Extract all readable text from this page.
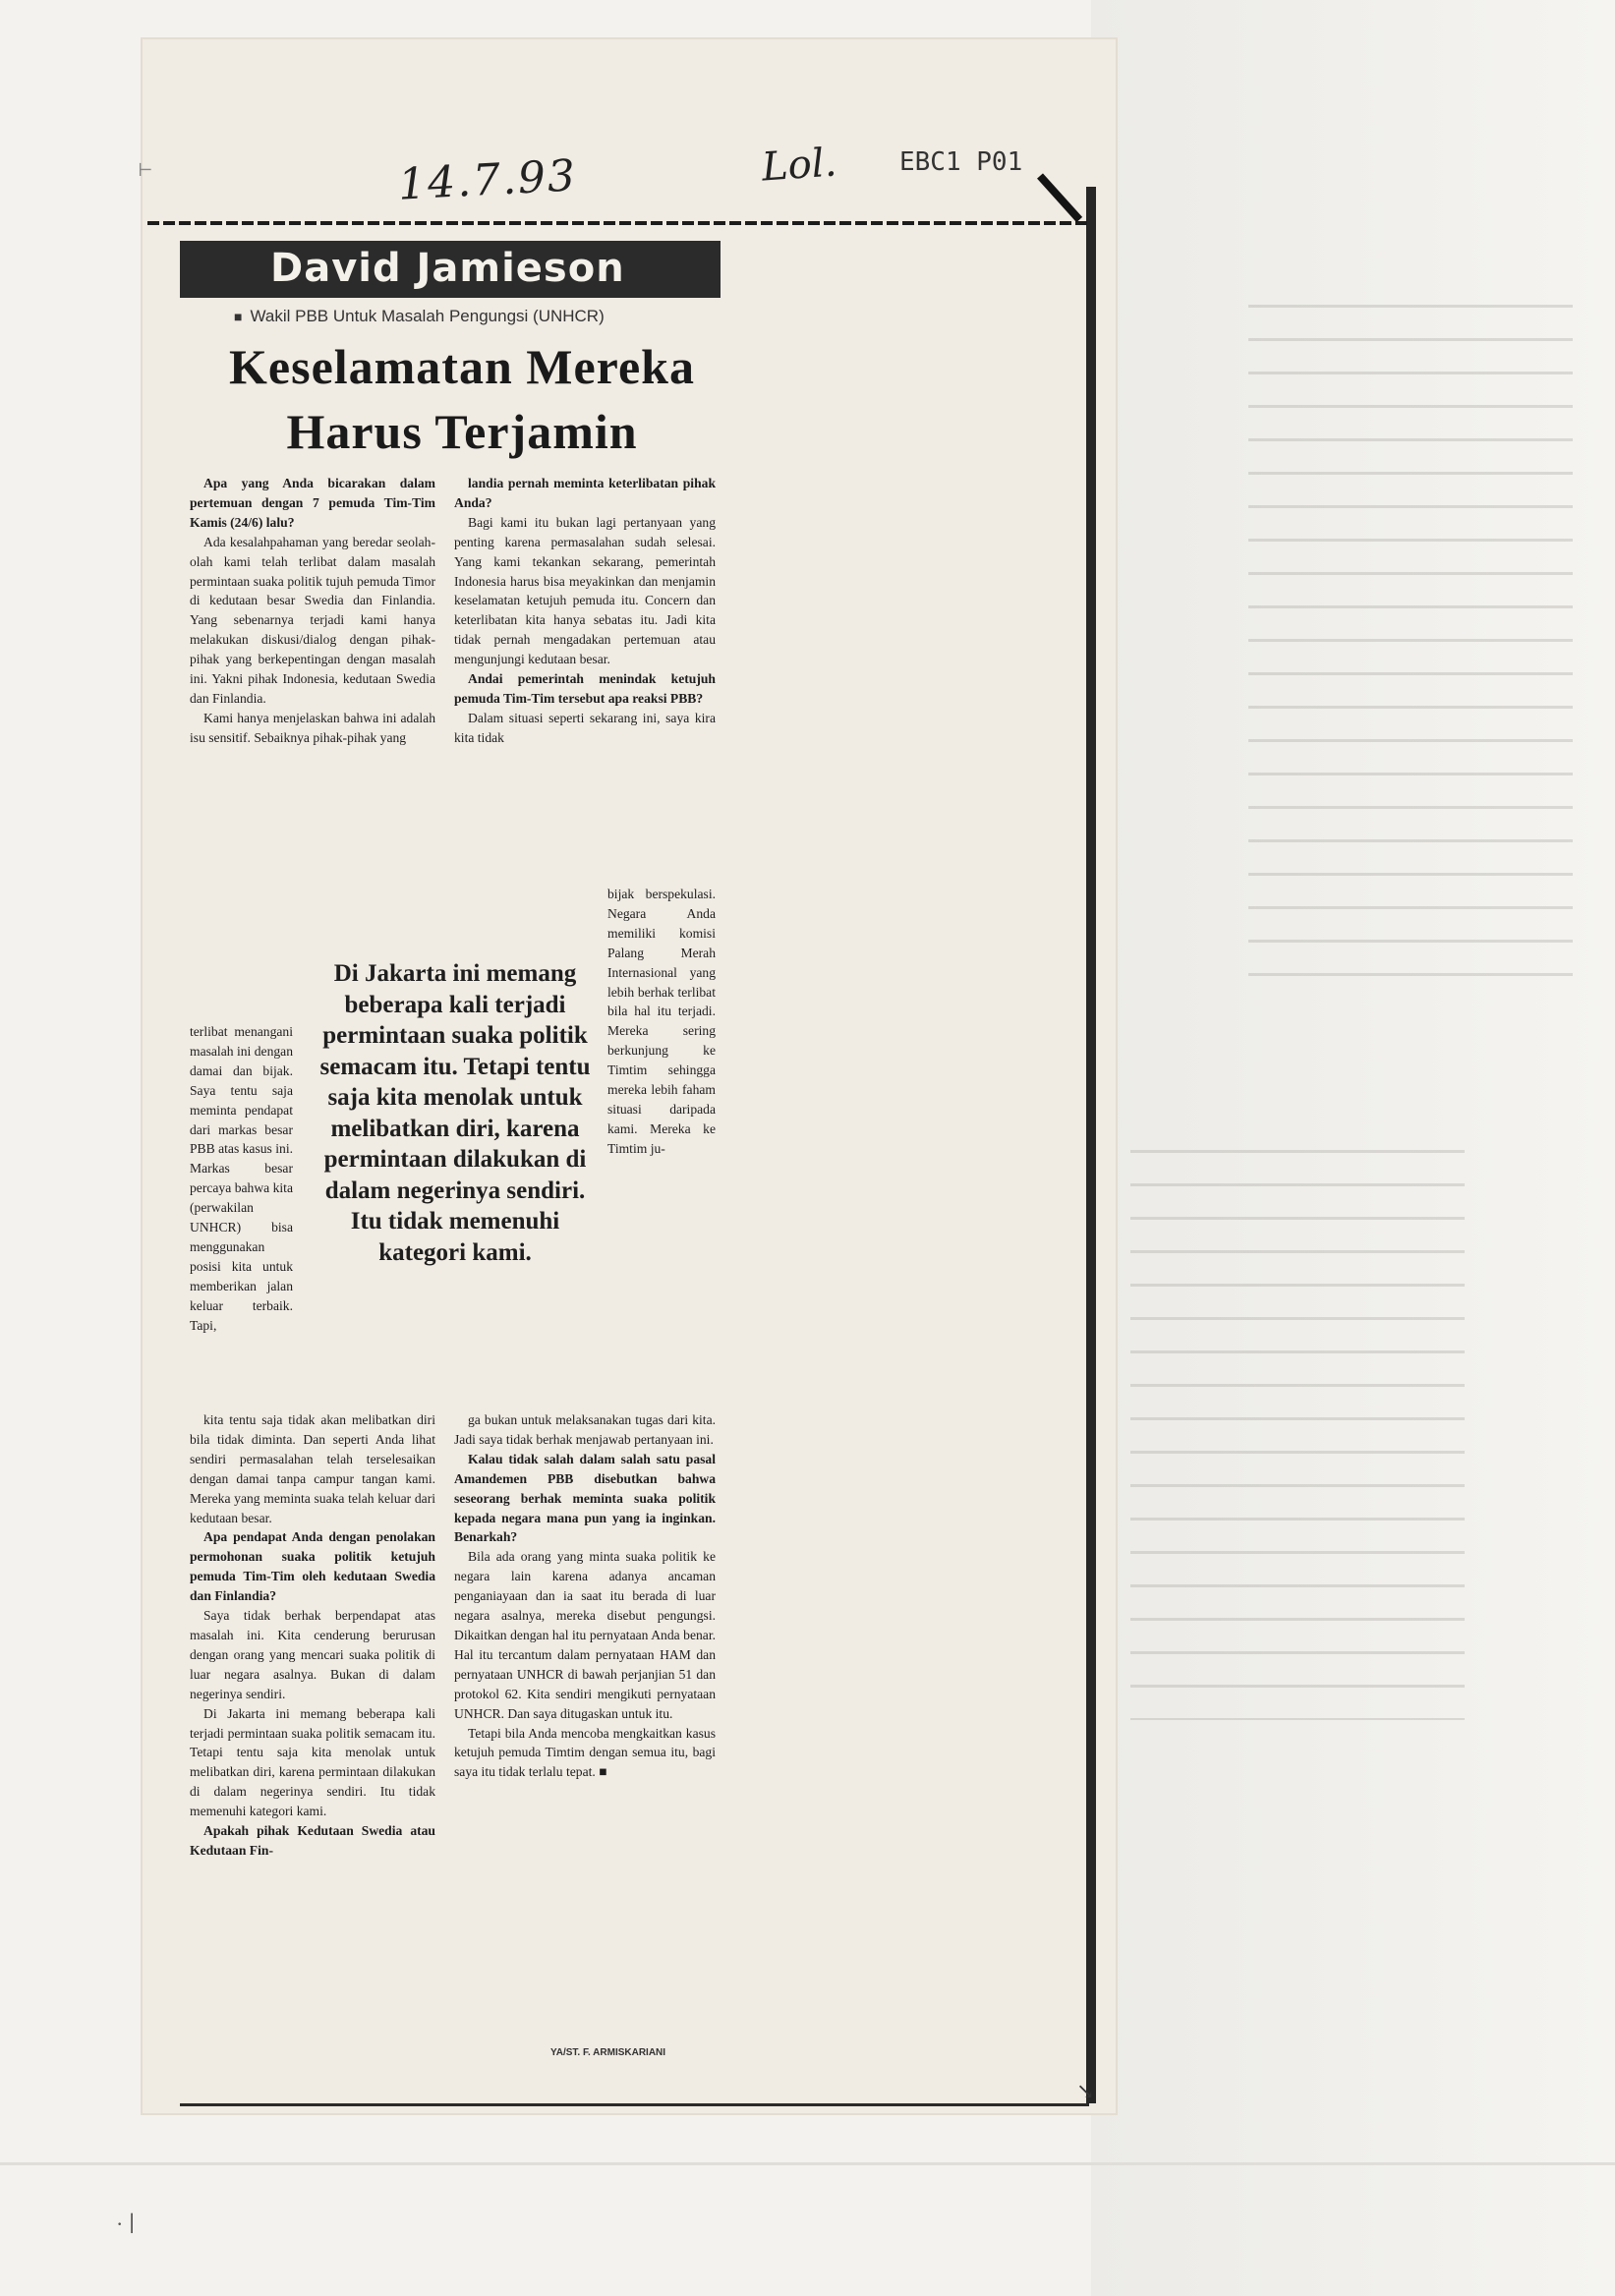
14.7.93	Lol. EBC1 P01
David Jamieson
■ Wakil PBB Untuk Masalah Pengungsi (UNHCR)
Keselamatan Mereka
Harus Terjamin

Apa yang Anda bicarakan dalam pertemuan dengan 7 pemuda Tim-Tim Kamis (24/6) lalu?

Ada kesalahpahaman yang beredar seolah-olah kami telah terlibat dalam masalah permintaan suaka politik tujuh pemuda Timor di kedutaan besar Swedia dan Finlandia. Yang sebenarnya terjadi kami hanya melakukan diskusi/dialog dengan pihak-pihak yang berkepentingan dengan masalah ini. Yakni pihak Indonesia, kedutaan Swedia dan Finlandia.

Kami hanya menjelaskan bahwa ini adalah isu sensitif. Sebaiknya pihak-pihak yang

landia pernah meminta keterlibatan pihak Anda?

Bagi kami itu bukan lagi pertanyaan yang penting karena permasalahan sudah selesai. Yang kami tekankan sekarang, pemerintah Indonesia harus bisa meyakinkan dan menjamin keselamatan ketujuh pemuda itu. Concern dan keterlibatan kita hanya sebatas itu. Jadi kita tidak pernah mengadakan pertemuan atau mengunjungi kedutaan besar.

Andai pemerintah menindak ketujuh pemuda Tim-Tim tersebut apa reaksi PBB?

Dalam situasi seperti sekarang ini, saya kira kita tidak

terlibat menangani masalah ini dengan damai dan bijak. Saya tentu saja meminta pendapat dari markas besar PBB atas kasus ini. Markas besar percaya bahwa kita (perwakilan UNHCR) bisa menggunakan posisi kita untuk memberikan jalan keluar terbaik. Tapi,

bijak berspekulasi. Negara Anda memiliki komisi Palang Merah Internasional yang lebih berhak terlibat bila hal itu terjadi. Mereka sering berkunjung ke Timtim sehingga mereka lebih faham situasi daripada kami. Mereka ke Timtim ju-

Di Jakarta ini memang beberapa kali terjadi permintaan suaka politik semacam itu. Tetapi tentu saja kita menolak untuk melibatkan diri, karena permintaan dilakukan di dalam negerinya sendiri. Itu tidak memenuhi kategori kami.

kita tentu saja tidak akan melibatkan diri bila tidak diminta. Dan seperti Anda lihat sendiri permasalahan telah terselesaikan dengan damai tanpa campur tangan kami. Mereka yang meminta suaka telah keluar dari kedutaan besar.

Apa pendapat Anda dengan penolakan permohonan suaka politik ketujuh pemuda Tim-Tim oleh kedutaan Swedia dan Finlandia?

Saya tidak berhak berpendapat atas masalah ini. Kita cenderung berurusan dengan orang yang mencari suaka politik di luar negara asalnya. Bukan di dalam negerinya sendiri.

Di Jakarta ini memang beberapa kali terjadi permintaan suaka politik semacam itu. Tetapi tentu saja kita menolak untuk melibatkan diri, karena permintaan dilakukan di dalam negerinya sendiri. Itu tidak memenuhi kategori kami.

Apakah pihak Kedutaan Swedia atau Kedutaan Fin-

ga bukan untuk melaksanakan tugas dari kita. Jadi saya tidak berhak menjawab pertanyaan ini.

Kalau tidak salah dalam salah satu pasal Amandemen PBB disebutkan bahwa seseorang berhak meminta suaka politik kepada negara mana pun yang ia inginkan. Benarkah?

Bila ada orang yang minta suaka politik ke negara lain karena adanya ancaman penganiayaan dan ia saat itu berada di luar negara asalnya, mereka disebut pengungsi. Dikaitkan dengan hal itu pernyataan Anda benar. Hal itu tercantum dalam pernyataan HAM dan pernyataan UNHCR di bawah perjanjian 51 dan protokol 62. Kita sendiri mengikuti pernyataan UNHCR. Dan saya ditugaskan untuk itu.

Tetapi bila Anda mencoba mengkaitkan kasus ketujuh pemuda Timtim dengan semua itu, bagi saya itu tidak terlalu tepat. ■

YA/ST. F. ARMISKARIANI
↘
⊢
· ∣
